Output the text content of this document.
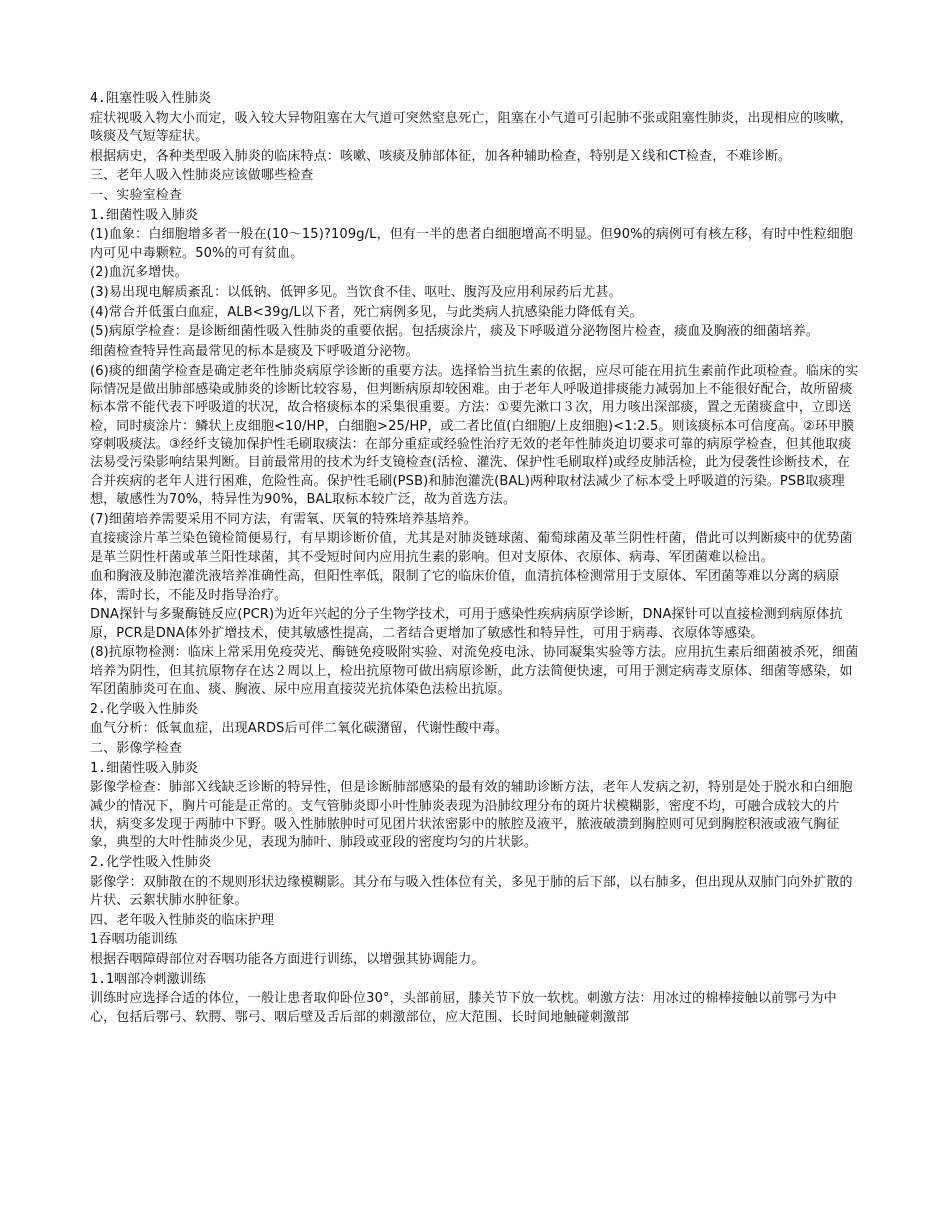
4.阻塞性吸入性肺炎
症状视吸入物大小而定，吸入较大异物阻塞在大气道可突然窒息死亡，阻塞在小气道可引起肺不张或阻塞性肺炎，出现相应的咳嗽，咳痰及气短等症状。
根据病史，各种类型吸入肺炎的临床特点：咳嗽、咳痰及肺部体征，加各种辅助检查，特别是Ｘ线和CT检查，不难诊断。
三、老年人吸入性肺炎应该做哪些检查
一、实验室检查
1.细菌性吸入肺炎
(1)血象：白细胞增多者一般在(10～15)?109g/L，但有一半的患者白细胞增高不明显。但90%的病例可有核左移，有时中性粒细胞内可见中毒颗粒。50%的可有贫血。
(2)血沉多增快。
(3)易出现电解质紊乱：以低钠、低钾多见。当饮食不佳、呕吐、腹泻及应用利尿药后尤甚。
(4)常合并低蛋白血症，ALB<39g/L以下者，死亡病例多见，与此类病人抗感染能力降低有关。
(5)病原学检查：是诊断细菌性吸入性肺炎的重要依据。包括痰涂片，痰及下呼吸道分泌物图片检查，痰血及胸液的细菌培养。
细菌检查特异性高最常见的标本是痰及下呼吸道分泌物。
(6)痰的细菌学检查是确定老年性肺炎病原学诊断的重要方法。选择恰当抗生素的依据，应尽可能在用抗生素前作此项检查。临床的实际情况是做出肺部感染或肺炎的诊断比较容易，但判断病原却较困难。由于老年人呼吸道排痰能力减弱加上不能很好配合，故所留痰标本常不能代表下呼吸道的状况，故合格痰标本的采集很重要。方法：①要先漱口３次，用力咳出深部痰，置之无菌痰盒中，立即送检，同时痰涂片：鳞状上皮细胞<10/HP，白细胞>25/HP，或二者比值(白细胞/上皮细胞)<1:2.5。则该痰标本可信度高。②环甲膜穿刺吸痰法。③经纤支镜加保护性毛刷取痰法：在部分重症或经验性治疗无效的老年性肺炎迫切要求可靠的病原学检查，但其他取痰法易受污染影响结果判断。目前最常用的技术为纤支镜检查(活检、灌洗、保护性毛刷取样)或经皮肺活检，此为侵袭性诊断技术，在合并疾病的老年人进行困难，危险性高。保护性毛刷(PSB)和肺泡灌洗(BAL)两种取材法减少了标本受上呼吸道的污染。PSB取痰理想，敏感性为70%，特异性为90%，BAL取标本较广泛，故为首选方法。
(7)细菌培养需要采用不同方法，有需氧、厌氧的特殊培养基培养。
直接痰涂片革兰染色镜检简便易行，有早期诊断价值，尤其是对肺炎链球菌、葡萄球菌及革兰阴性杆菌，借此可以判断痰中的优势菌是革兰阴性杆菌或革兰阳性球菌，其不受短时间内应用抗生素的影响。但对支原体、衣原体、病毒、军团菌难以检出。
血和胸液及肺泡灌洗液培养准确性高，但阳性率低，限制了它的临床价值，血清抗体检测常用于支原体、军团菌等难以分离的病原体，需时长，不能及时指导治疗。
DNA探针与多聚酶链反应(PCR)为近年兴起的分子生物学技术，可用于感染性疾病病原学诊断，DNA探针可以直接检测到病原体抗原，PCR是DNA体外扩增技术，使其敏感性提高，二者结合更增加了敏感性和特异性，可用于病毒、衣原体等感染。
(8)抗原物检测：临床上常采用免疫荧光、酶链免疫吸附实验、对流免疫电泳、协同凝集实验等方法。应用抗生素后细菌被杀死，细菌培养为阴性，但其抗原物存在达２周以上，检出抗原物可做出病原诊断，此方法简便快速，可用于测定病毒支原体、细菌等感染，如军团菌肺炎可在血、痰、胸液、尿中应用直接荧光抗体染色法检出抗原。
2.化学吸入性肺炎
血气分析：低氧血症，出现ARDS后可伴二氧化碳潴留，代谢性酸中毒。
二、影像学检查
1.细菌性吸入肺炎
影像学检查：肺部Ｘ线缺乏诊断的特异性，但是诊断肺部感染的最有效的辅助诊断方法，老年人发病之初，特别是处于脱水和白细胞减少的情况下，胸片可能是正常的。支气管肺炎即小叶性肺炎表现为沿肺纹理分布的斑片状模糊影，密度不均，可融合成较大的片状，病变多发现于两肺中下野。吸入性肺脓肿时可见团片状浓密影中的脓腔及液平，脓液破溃到胸腔则可见到胸腔积液或液气胸征象，典型的大叶性肺炎少见，表现为肺叶、肺段或亚段的密度均匀的片状影。
2.化学性吸入性肺炎
影像学：双肺散在的不规则形状边缘模糊影。其分布与吸入性体位有关，多见于肺的后下部，以右肺多，但出现从双肺门向外扩散的片状、云絮状肺水肿征象。
四、老年吸入性肺炎的临床护理
1吞咽功能训练
根据吞咽障碍部位对吞咽功能各方面进行训练，以增强其协调能力。
1.1咽部冷刺激训练
训练时应选择合适的体位，一般让患者取仰卧位30°，头部前屈，膝关节下放一软枕。刺激方法：用冰过的棉棒接触以前鄂弓为中心，包括后鄂弓、软腭、鄂弓、咽后壁及舌后部的刺激部位，应大范围、长时间地触碰刺激部
